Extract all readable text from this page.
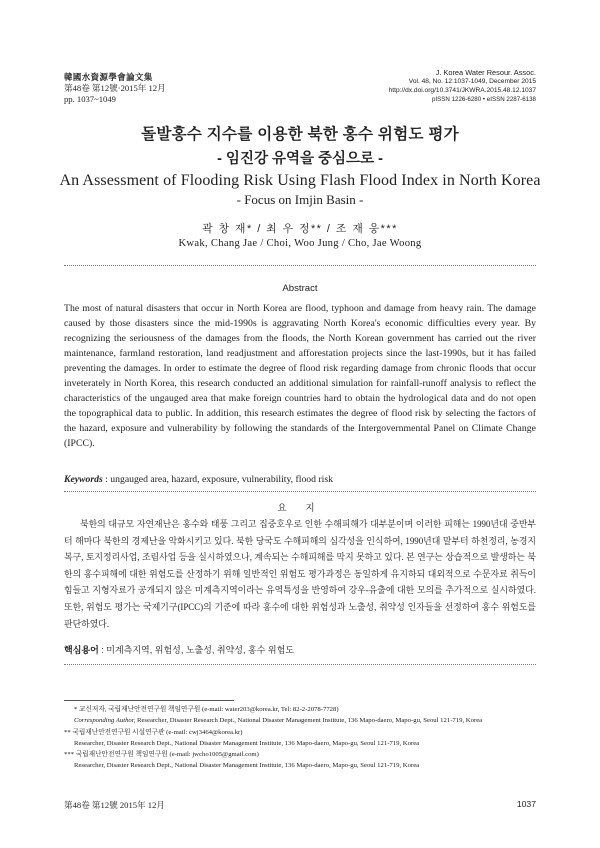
韓國水資源學會論文集
第48卷 第12號·2015年 12月
pp. 1037~1049
J. Korea Water Resour. Assoc.
Vol. 48, No. 12:1037-1049, December 2015
http://dx.doi.org/10.3741/JKWRA.2015.48.12.1037
pISSN 1226-6280 • eISSN 2287-6138
돌발홍수 지수를 이용한 북한 홍수 위험도 평가
- 임진강 유역을 중심으로 -
An Assessment of Flooding Risk Using Flash Flood Index in North Korea
- Focus on Imjin Basin -
곽 창 재* / 최 우 정** / 조 재 웅***
Kwak, Chang Jae / Choi, Woo Jung / Cho, Jae Woong
Abstract
The most of natural disasters that occur in North Korea are flood, typhoon and damage from heavy rain. The damage caused by those disasters since the mid-1990s is aggravating North Korea's economic difficulties every year. By recognizing the seriousness of the damages from the floods, the North Korean government has carried out the river maintenance, farmland restoration, land readjustment and afforestation projects since the last-1990s, but it has failed preventing the damages. In order to estimate the degree of flood risk regarding damage from chronic floods that occur inveterately in North Korea, this research conducted an additional simulation for rainfall-runoff analysis to reflect the characteristics of the ungauged area that make foreign countries hard to obtain the hydrological data and do not open the topographical data to public. In addition, this research estimates the degree of flood risk by selecting the factors of the hazard, exposure and vulnerability by following the standards of the Intergovernmental Panel on Climate Change (IPCC).
Keywords : ungauged area, hazard, exposure, vulnerability, flood risk
요 지
북한의 대규모 자연재난은 홍수와 태풍 그리고 집중호우로 인한 수해피해가 대부분이며 이러한 피해는 1990년대 중반부터 해마다 북한의 경제난을 악화시키고 있다. 북한 당국도 수해피해의 심각성을 인식하여, 1990년대 말부터 하천정리, 농경지 복구, 토지정리사업, 조림사업 등을 실시하였으나, 계속되는 수해피해를 막지 못하고 있다. 본 연구는 상습적으로 발생하는 북한의 홍수피해에 대한 위험도를 산정하기 위해 일반적인 위험도 평가과정은 동일하게 유지하되 대외적으로 수문자료 취득이 힘들고 지형자료가 공개되지 않은 미계측지역이라는 유역특성을 반영하여 강우-유출에 대한 모의를 추가적으로 실시하였다. 또한, 위험도 평가는 국제기구(IPCC)의 기준에 따라 홍수에 대한 위험성과 노출성, 취약성 인자들을 선정하여 홍수 위험도를 판단하였다.
핵심용어 : 미계측지역, 위험성, 노출성, 취약성, 홍수 위험도
* 교신저자, 국립재난안전연구원 책임연구원 (e-mail: water203@korea.kr, Tel: 82-2-2078-7728)
Corresponding Author, Researcher, Disaster Research Dept., National Disaster Management Institute, 136 Mapo-daero, Mapo-gu, Seoul 121-719, Korea
** 국립재난안전연구원 시설연구관 (e-mail: cwj3464@korea.kr)
Researcher, Disaster Research Dept., National Disaster Management Institute, 136 Mapo-daero, Mapo-gu, Seoul 121-719, Korea
*** 국립재난안전연구원 책임연구원 (e-mail: jwcho1005@gmail.com)
Researcher, Disaster Research Dept., National Disaster Management Institute, 136 Mapo-daero, Mapo-gu, Seoul 121-719, Korea
第48卷 第12號 2015年 12月	1037
